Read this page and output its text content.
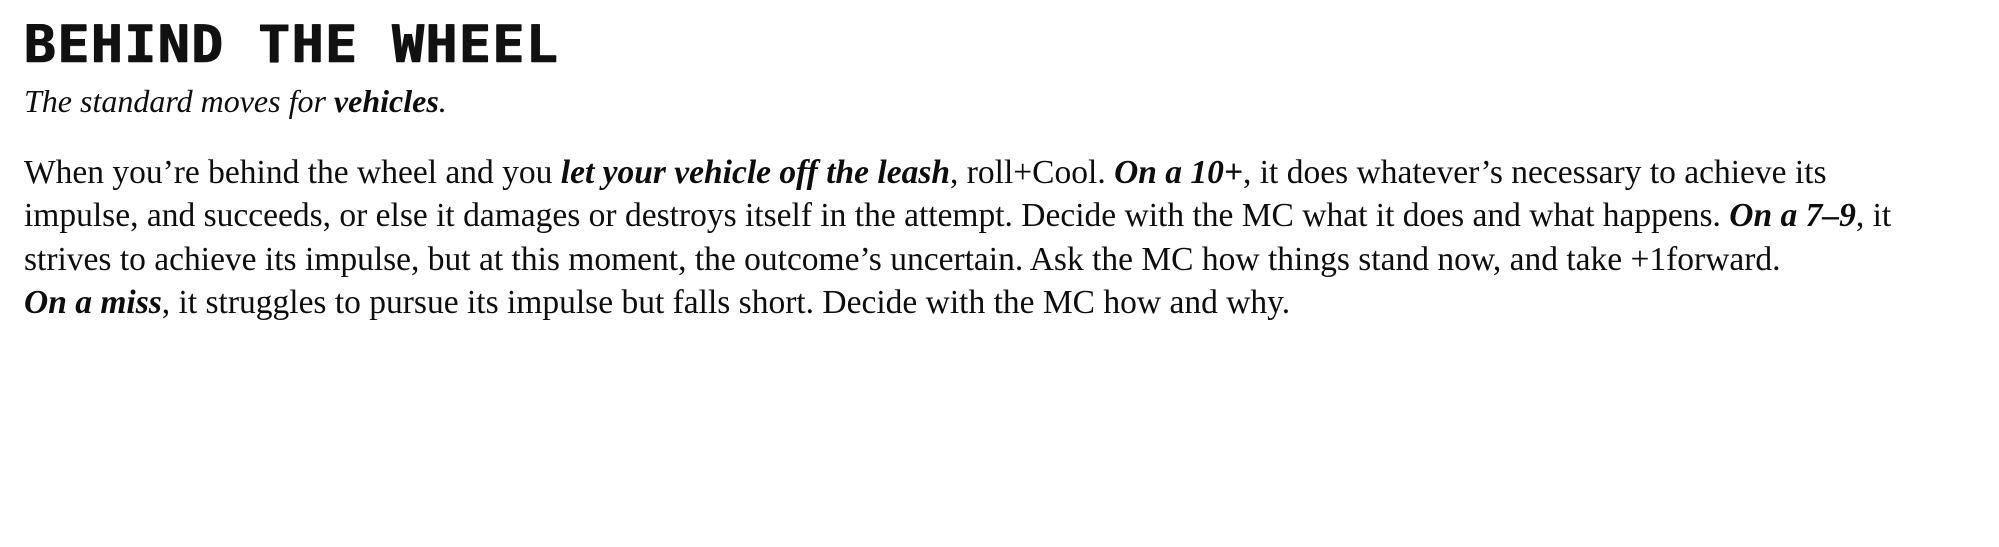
BEHIND THE WHEEL

The standard moves for vehicles.

When you’re behind the wheel and you let your vehicle off the leash, roll+Cool. On a 10+, it does whatever’s necessary to achieve its impulse, and succeeds, or else it damages or destroys itself in the attempt. Decide with the MC what it does and what happens. On a 7–9, it strives to achieve its impulse, but at this moment, the outcome’s uncertain. Ask the MC how things stand now, and take +1forward. On a miss, it struggles to pursue its impulse but falls short. Decide with the MC how and why.
